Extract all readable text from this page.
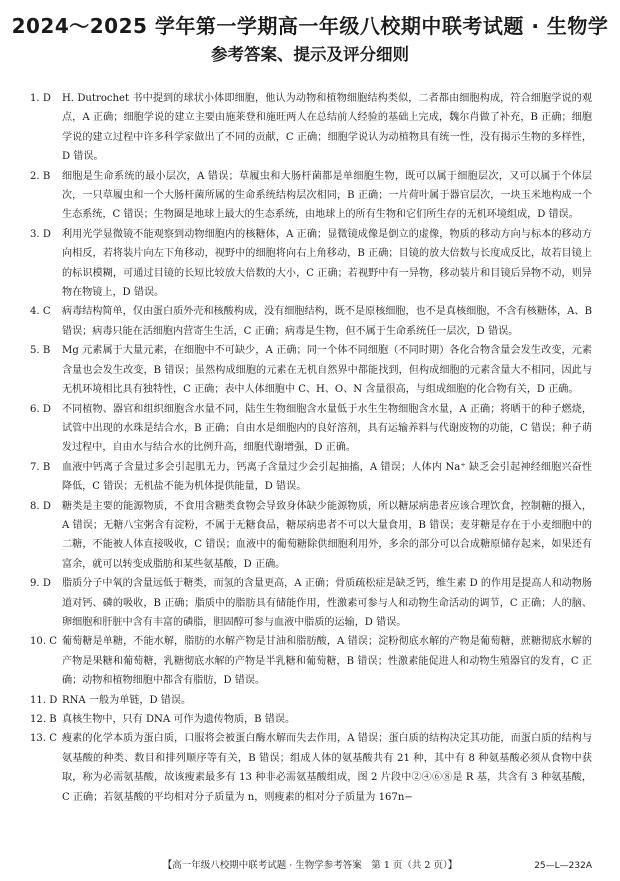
2024～2025 学年第一学期高一年级八校期中联考试题 · 生物学
参考答案、提示及评分细则

1. D	H. Dutrochet 书中提到的球状小体即细胞，他认为动物和植物细胞结构类似，二者都由细胞构成，符合细胞学说的观点，A 正确；细胞学说的建立主要由施莱登和施旺两人在总结前人经验的基础上完成，魏尔肖做了补充，B 正确；细胞学说的建立过程中许多科学家做出了不同的贡献，C 正确；细胞学说认为动植物具有统一性，没有揭示生物的多样性，D 错误。

2. B	细胞是生命系统的最小层次，A 错误；草履虫和大肠杆菌都是单细胞生物，既可以属于细胞层次，又可以属于个体层次，一只草履虫和一个大肠杆菌所属的生命系统结构层次相同，B 正确；一片荷叶属于器官层次，一块玉米地构成一个生态系统，C 错误；生物圈是地球上最大的生态系统，由地球上的所有生物和它们所生存的无机环境组成，D 错误。

3. D	利用光学显微镜不能观察到动物细胞内的核糖体，A 正确；显微镜成像是倒立的虚像，物质的移动方向与标本的移动方向相反，若将装片向左下角移动，视野中的细胞将向右上角移动，B 正确；目镜的放大倍数与长度成反比，故若目镜上的标识模糊，可通过目镜的长短比较放大倍数的大小，C 正确；若视野中有一异物，移动装片和目镜后异物不动，则异物在物镜上，D 错误。

4. C	病毒结构简单，仅由蛋白质外壳和核酸构成，没有细胞结构，既不是原核细胞，也不是真核细胞，不含有核糖体，A、B 错误；病毒只能在活细胞内营寄生生活，C 正确；病毒是生物，但不属于生命系统任一层次，D 错误。

5. B	Mg 元素属于大量元素，在细胞中不可缺少，A 正确；同一个体不同细胞（不同时期）各化合物含量会发生改变，元素含量也会发生改变，B 错误；虽然构成细胞的元素在无机自然界中都能找到，但构成细胞的元素含量大不相同，因此与无机环境相比具有独特性，C 正确；表中人体细胞中 C、H、O、N 含量很高，与组成细胞的化合物有关，D 正确。

6. D	不同植物、器官和组织细胞含水量不同，陆生生物细胞含水量低于水生生物细胞含水量，A 正确；将晒干的种子燃烧，试管中出现的水珠是结合水，B 正确；自由水是细胞内的良好溶剂，具有运输养料与代谢废物的功能，C 错误；种子萌发过程中，自由水与结合水的比例升高，细胞代谢增强，D 正确。

7. B	血液中钙离子含量过多会引起肌无力，钙离子含量过少会引起抽搐，A 错误；人体内 Na⁺ 缺乏会引起神经细胞兴奋性降低，C 错误；无机盐不能为机体提供能量，D 错误。

8. D	糖类是主要的能源物质，不食用含糖类食物会导致身体缺少能源物质，所以糖尿病患者应该合理饮食，控制糖的摄入，A 错误；无糖八宝粥含有淀粉，不属于无糖食品，糖尿病患者不可以大量食用，B 错误；麦芽糖是存在于小麦细胞中的二糖，不能被人体直接吸收，C 错误；血液中的葡萄糖除供细胞利用外，多余的部分可以合成糖原储存起来，如果还有富余，就可以转变成脂肪和某些氨基酸，D 正确。

9. D	脂质分子中氧的含量远低于糖类，而氢的含量更高，A 正确；骨质疏松症是缺乏钙，维生素 D 的作用是提高人和动物肠道对钙、磷的吸收，B 正确；脂质中的脂肪具有储能作用，性激素可参与人和动物生命活动的调节，C 正确；人的脑、卵细胞和肝脏中含有丰富的磷脂，胆固醇可参与血液中脂质的运输，D 错误。

10. C 葡萄糖是单糖，不能水解，脂肪的水解产物是甘油和脂肪酸，A 错误；淀粉彻底水解的产物是葡萄糖，蔗糖彻底水解的产物是果糖和葡萄糖，乳糖彻底水解的产物是半乳糖和葡萄糖，B 错误；性激素能促进人和动物生殖器官的发育，C 正确；动物和植物细胞中都含有脂肪，D 错误。

11. D RNA 一般为单链，D 错误。

12. B 真核生物中，只有 DNA 可作为遗传物质，B 错误。

13. C 瘦素的化学本质为蛋白质，口服将会被蛋白酶水解而失去作用，A 错误；蛋白质的结构决定其功能，而蛋白质的结构与氨基酸的种类、数目和排列顺序等有关，B 错误；组成人体的氨基酸共有 21 种，其中有 8 种氨基酸必须从食物中获取，称为必需氨基酸，故该瘦素最多有 13 种非必需氨基酸组成，图 2 片段中②④⑥⑧是 R 基，共含有 3 种氨基酸，C 正确；若氨基酸的平均相对分子质量为 n，则瘦素的相对分子质量为 167n−

【高一年级八校期中联考试题 · 生物学参考答案　第 1 页（共 2 页）】	25—L—232A
